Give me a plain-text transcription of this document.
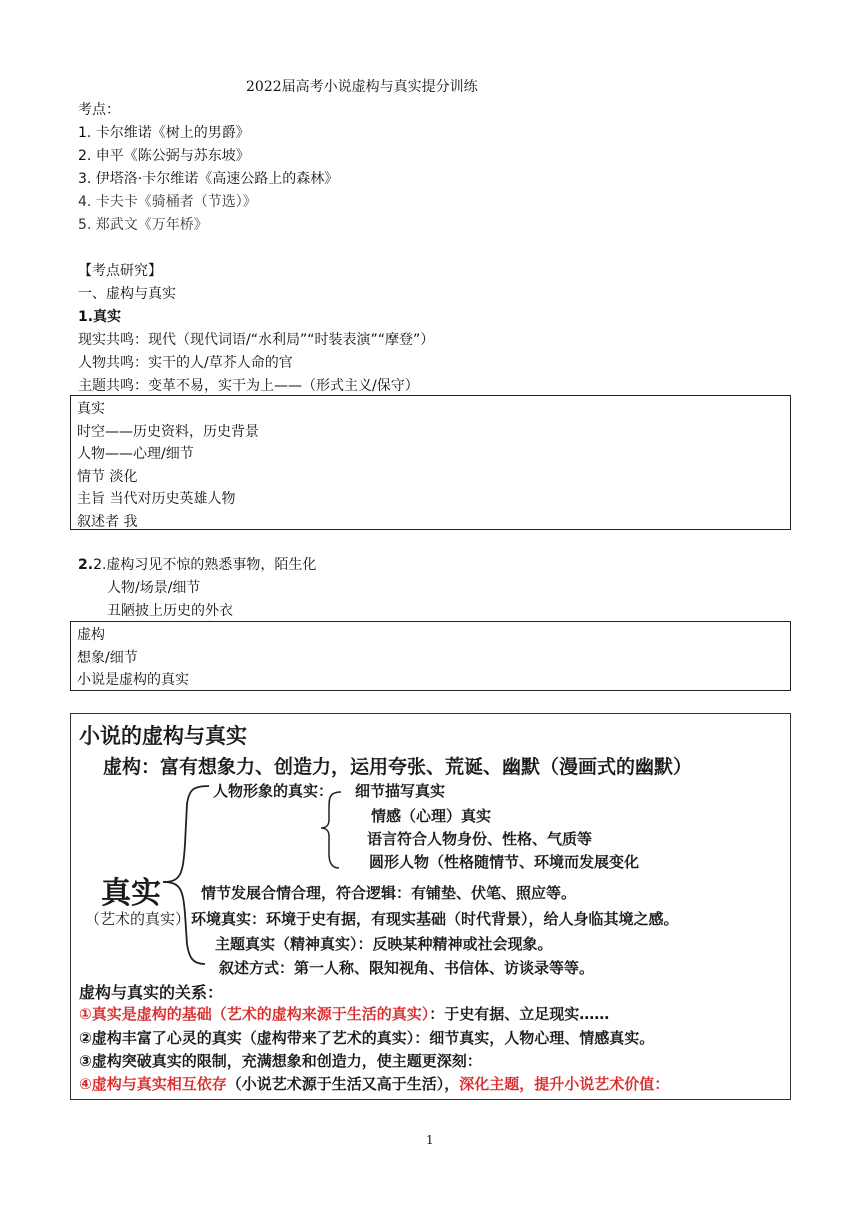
2022届高考小说虚构与真实提分训练
考点：
1. 卡尔维诺《树上的男爵》
2. 申平《陈公弼与苏东坡》
3. 伊塔洛·卡尔维诺《高速公路上的森林》
4. 卡夫卡《骑桶者（节选）》
5. 郑武文《万年桥》
【考点研究】
一、虚构与真实
1.真实
现实共鸣：现代（现代词语/“水利局”“时装表演”“摩登”）
人物共鸣：实干的人/草芥人命的官
主题共鸣：变革不易，实干为上——（形式主义/保守）
真实
时空——历史资料，历史背景
人物——心理/细节
情节 淡化
主旨 当代对历史英雄人物
叙述者 我
2.2.虚构习见不惊的熟悉事物，陌生化
人物/场景/细节
丑陋披上历史的外衣
虚构
想象/细节
小说是虚构的真实
小说的虚构与真实
虚构：富有想象力、创造力，运用夸张、荒诞、幽默（漫画式的幽默）
人物形象的真实： 细节描写真实
情感（心理）真实
语言符合人物身份、性格、气质等
圆形人物（性格随情节、环境而发展变化
真实	情节发展合情合理，符合逻辑：有铺垫、伏笔、照应等。
（艺术的真实） 环境真实：环境于史有据，有现实基础（时代背景），给人身临其境之感。
主题真实（精神真实）：反映某种精神或社会现象。
叙述方式：第一人称、限知视角、书信体、访谈录等等。
虚构与真实的关系：
①真实是虚构的基础（艺术的虚构来源于生活的真实）：于史有据、立足现实……
②虚构丰富了心灵的真实（虚构带来了艺术的真实）：细节真实，人物心理、情感真实。
③虚构突破真实的限制，充满想象和创造力，使主题更深刻：
④虚构与真实相互依存（小说艺术源于生活又高于生活），深化主题，提升小说艺术价值：
1
